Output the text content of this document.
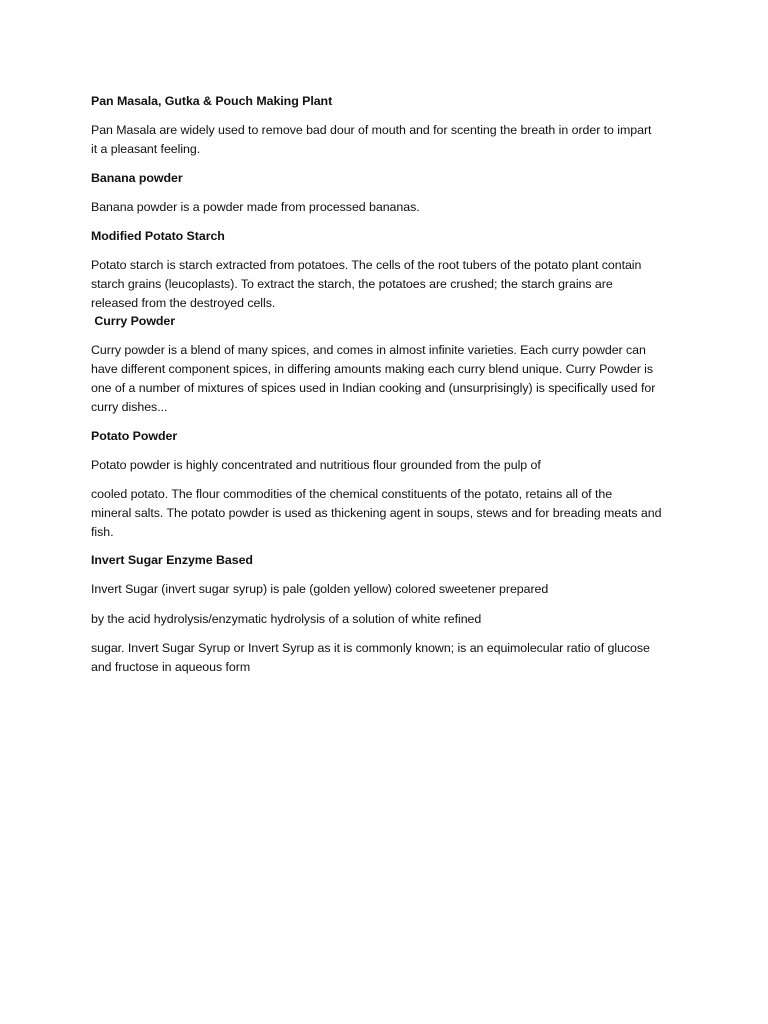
Pan Masala, Gutka & Pouch Making Plant
Pan Masala are widely used to remove bad dour of mouth and for scenting the breath in order to impart
it a pleasant feeling.
Banana powder
Banana powder is a powder made from processed bananas.
Modified Potato Starch
Potato starch is starch extracted from potatoes. The cells of the root tubers of the potato plant contain
starch grains (leucoplasts). To extract the starch, the potatoes are crushed; the starch grains are
released from the destroyed cells.
Curry Powder
Curry powder is a blend of many spices, and comes in almost infinite varieties. Each curry powder can
have different component spices, in differing amounts making each curry blend unique. Curry Powder is
one of a number of mixtures of spices used in Indian cooking and (unsurprisingly) is specifically used for
curry dishes...
Potato Powder
Potato powder is highly concentrated and nutritious flour grounded from the pulp of
cooled potato. The flour commodities of the chemical constituents of the potato, retains all of the
mineral salts. The potato powder is used as thickening agent in soups, stews and for breading meats and
fish.
Invert Sugar Enzyme Based
Invert Sugar (invert sugar syrup) is pale (golden yellow) colored sweetener prepared
by the acid hydrolysis/enzymatic hydrolysis of a solution of white refined
sugar. Invert Sugar Syrup or Invert Syrup as it is commonly known; is an equimolecular ratio of glucose
and fructose in aqueous form
